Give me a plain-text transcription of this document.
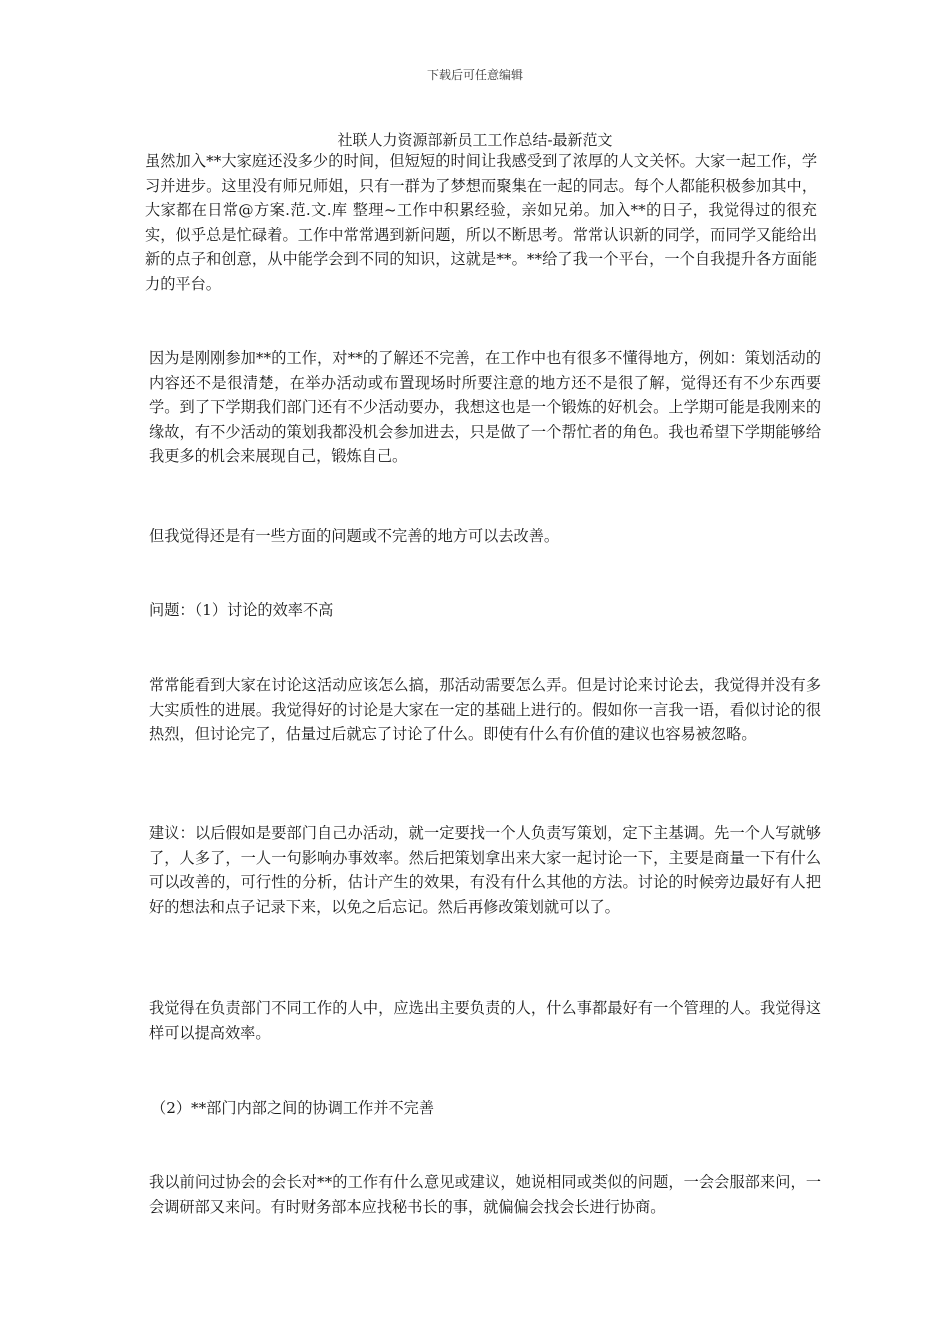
下载后可任意编辑
社联人力资源部新员工工作总结-最新范文

虽然加入**大家庭还没多少的时间，但短短的时间让我感受到了浓厚的人文关怀。大家一起工作，学习并进步。这里没有师兄师姐，只有一群为了梦想而聚集在一起的同志。每个人都能积极参加其中，大家都在日常@方案.范.文.库 整理~工作中积累经验，亲如兄弟。加入**的日子，我觉得过的很充实，似乎总是忙碌着。工作中常常遇到新问题，所以不断思考。常常认识新的同学，而同学又能给出新的点子和创意，从中能学会到不同的知识，这就是**。**给了我一个平台，一个自我提升各方面能力的平台。

因为是刚刚参加**的工作，对**的了解还不完善，在工作中也有很多不懂得地方，例如：策划活动的内容还不是很清楚，在举办活动或布置现场时所要注意的地方还不是很了解，觉得还有不少东西要学。到了下学期我们部门还有不少活动要办，我想这也是一个锻炼的好机会。上学期可能是我刚来的缘故，有不少活动的策划我都没机会参加进去，只是做了一个帮忙者的角色。我也希望下学期能够给我更多的机会来展现自己，锻炼自己。

但我觉得还是有一些方面的问题或不完善的地方可以去改善。

问题：（1）讨论的效率不高

常常能看到大家在讨论这活动应该怎么搞，那活动需要怎么弄。但是讨论来讨论去，我觉得并没有多大实质性的进展。我觉得好的讨论是大家在一定的基础上进行的。假如你一言我一语，看似讨论的很热烈，但讨论完了，估量过后就忘了讨论了什么。即使有什么有价值的建议也容易被忽略。

建议：以后假如是要部门自己办活动，就一定要找一个人负责写策划，定下主基调。先一个人写就够了，人多了，一人一句影响办事效率。然后把策划拿出来大家一起讨论一下，主要是商量一下有什么可以改善的，可行性的分析，估计产生的效果，有没有什么其他的方法。讨论的时候旁边最好有人把好的想法和点子记录下来，以免之后忘记。然后再修改策划就可以了。

我觉得在负责部门不同工作的人中，应选出主要负责的人，什么事都最好有一个管理的人。我觉得这样可以提高效率。

（2）**部门内部之间的协调工作并不完善

我以前问过协会的会长对**的工作有什么意见或建议，她说相同或类似的问题，一会会服部来问，一会调研部又来问。有时财务部本应找秘书长的事，就偏偏会找会长进行协商。
